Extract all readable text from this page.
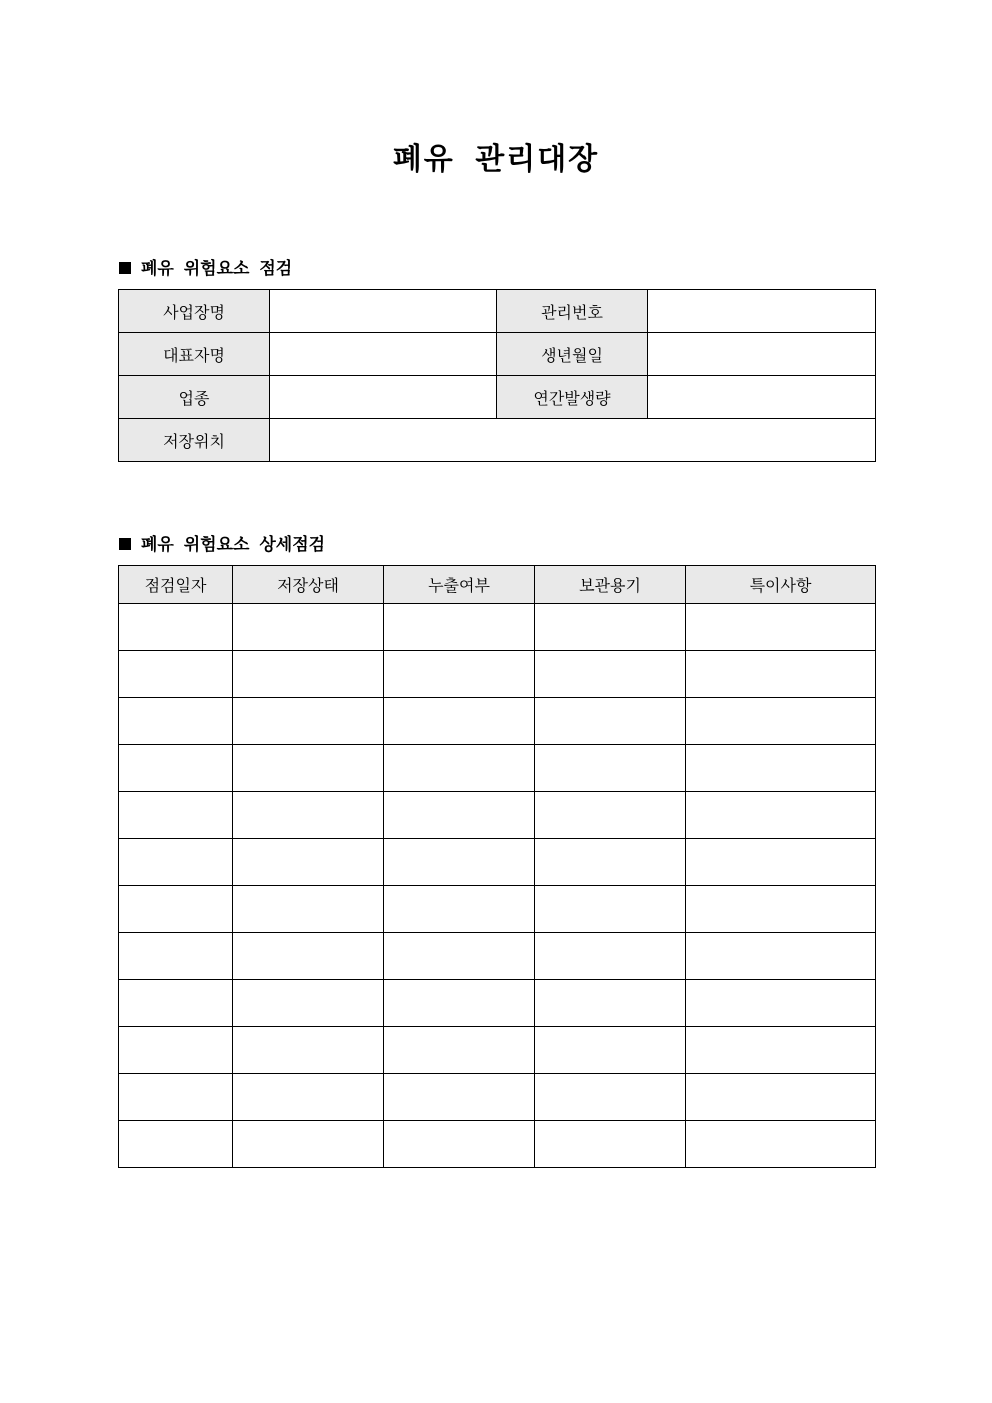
폐유 관리대장
폐유 위험요소 점검
사업장명		관리번호	
대표자명		생년월일	
업종		연간발생량	
저장위치			
폐유 위험요소 상세점검
점검일자	저장상태	누출여부	보관용기	특이사항
